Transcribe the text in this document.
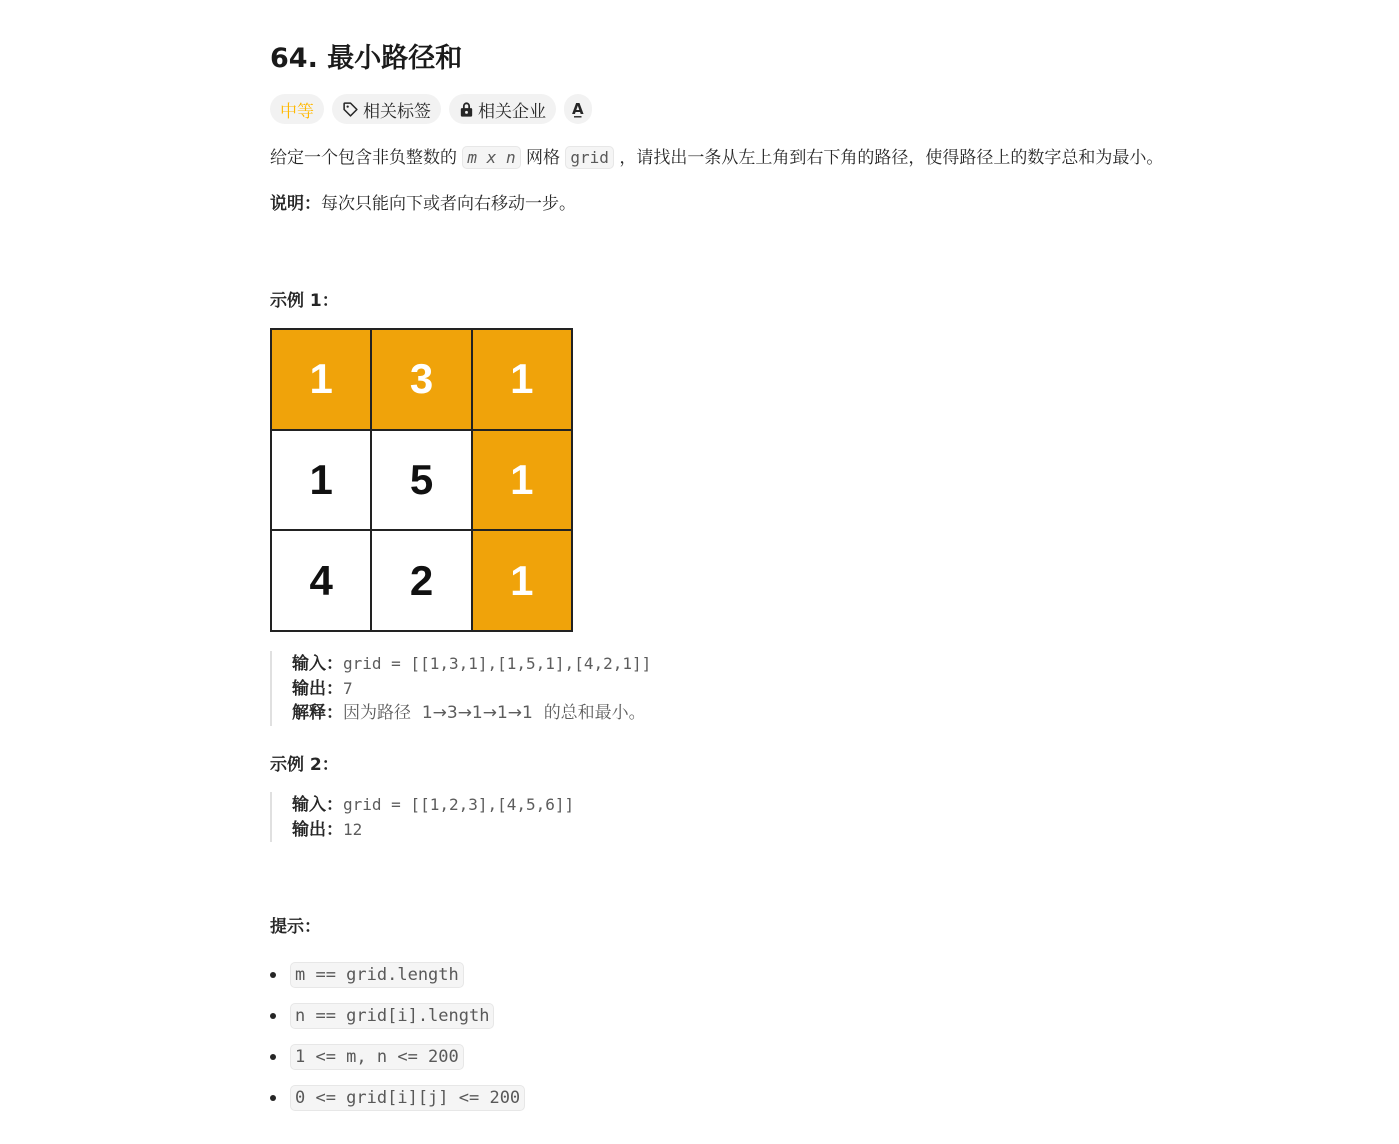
64. 最小路径和
中等	相关标签	相关企业 A̲

给定一个包含非负整数的 m x n 网格 grid ，请找出一条从左上角到右下角的路径，使得路径上的数字总和为最小。

说明：每次只能向下或者向右移动一步。

示例 1：
1	3	1
1	5	1
4	2	1
输入：grid = [[1,3,1],[1,5,1],[4,2,1]]
输出：7
解释：因为路径 1→3→1→1→1 的总和最小。
示例 2：
输入：grid = [[1,2,3],[4,5,6]]
输出：12
提示：
m == grid.length
n == grid[i].length
1 <= m, n <= 200
0 <= grid[i][j] <= 200
